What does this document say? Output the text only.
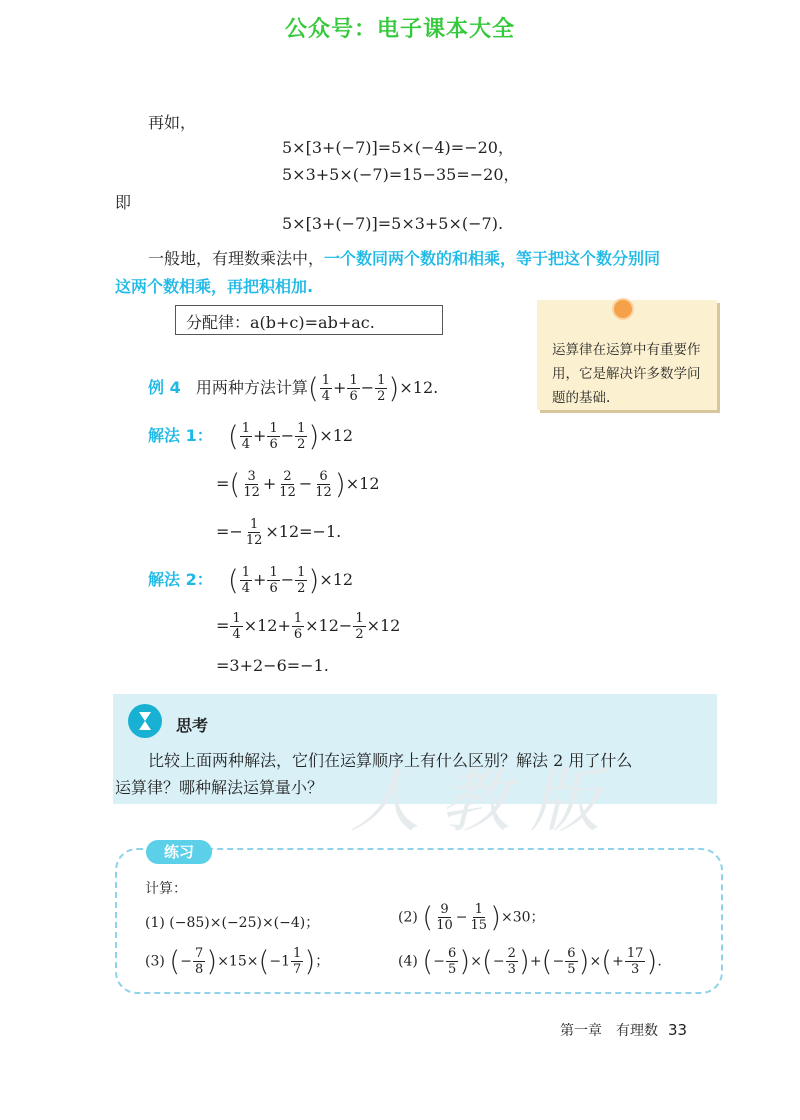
公众号：电子课本大全
再如，
5×[3+(−7)]=5×(−4)=−20，
5×3+5×(−7)=15−35=−20，
即
5×[3+(−7)]=5×3+5×(−7).
一般地，有理数乘法中，一个数同两个数的和相乘，等于把这个数分别同
这两个数相乘，再把积相加.
分配律：a(b+c)=ab+ac.
运算律在运算中有重要作用，它是解决许多数学问题的基础.
例 4 用两种方法计算( $\frac{1}{4} + \frac{1}{6} - \frac{1}{2} )\times 12$.
解法 1： ( $\frac{1}{4} + \frac{1}{6} - \frac{1}{2} )\times 12$
=( $\frac{3}{12} + \frac{2}{12} - \frac{6}{12} )\times 12$
=− $\frac{1}{12} \times 12=-1$.
解法 2： ( $\frac{1}{4} + \frac{1}{6} - \frac{1}{2} )\times 12$
= $\frac{1}{4} \times 12+ \frac{1}{6} \times 12- \frac{1}{2} \times 12$
=3+2−6=−1.
思考
人教版
比较上面两种解法，它们在运算顺序上有什么区别？解法 2 用了什么
运算律？哪种解法运算量小？
练习
计算：
(1) (−85)×(−25)×(−4)；	(2) ( $\frac{9}{10} - \frac{1}{15} )\times 30$；
(3) (− $\frac{7}{8} )\times 15\times(-1 \frac{1}{7}$ )；	(4) (− $\frac{6}{5}$ )×(− $\frac{2}{3}$ )+(− $\frac{6}{5}$ )×(+ $\frac{17}{3}$ ).
第一章　有理数 33
